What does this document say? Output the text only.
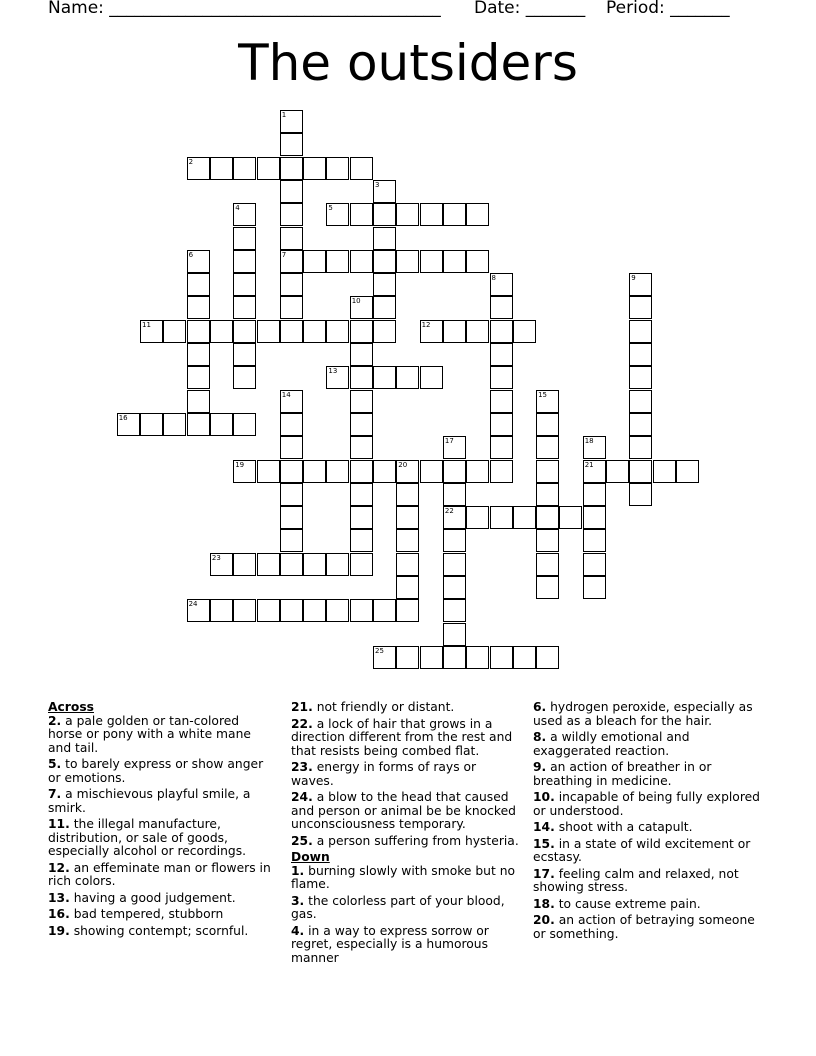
Name: _______________________________________ Date: _______ Period: _______
The outsiders
1
7
2
3
4	5
6
8	9
10
11	12
13
14	15
16
17
22
18
21
19	20
23
24
25
Across
2. a pale golden or tan-colored horse or pony with a white mane and tail.
5. to barely express or show anger or emotions.
7. a mischievous playful smile, a smirk.
11. the illegal manufacture, distribution, or sale of goods, especially alcohol or recordings.
12. an effeminate man or flowers in rich colors.
13. having a good judgement.
16. bad tempered, stubborn
19. showing contempt; scornful.
21. not friendly or distant.
22. a lock of hair that grows in a direction different from the rest and that resists being combed flat.
23. energy in forms of rays or waves.
24. a blow to the head that caused and person or animal be be knocked unconsciousness temporary.
25. a person suffering from hysteria.
Down
1. burning slowly with smoke but no flame.
3. the colorless part of your blood, gas.
4. in a way to express sorrow or regret, especially is a humorous manner
6. hydrogen peroxide, especially as used as a bleach for the hair.
8. a wildly emotional and exaggerated reaction.
9. an action of breather in or breathing in medicine.
10. incapable of being fully explored or understood.
14. shoot with a catapult.
15. in a state of wild excitement or ecstasy.
17. feeling calm and relaxed, not showing stress.
18. to cause extreme pain.
20. an action of betraying someone or something.
